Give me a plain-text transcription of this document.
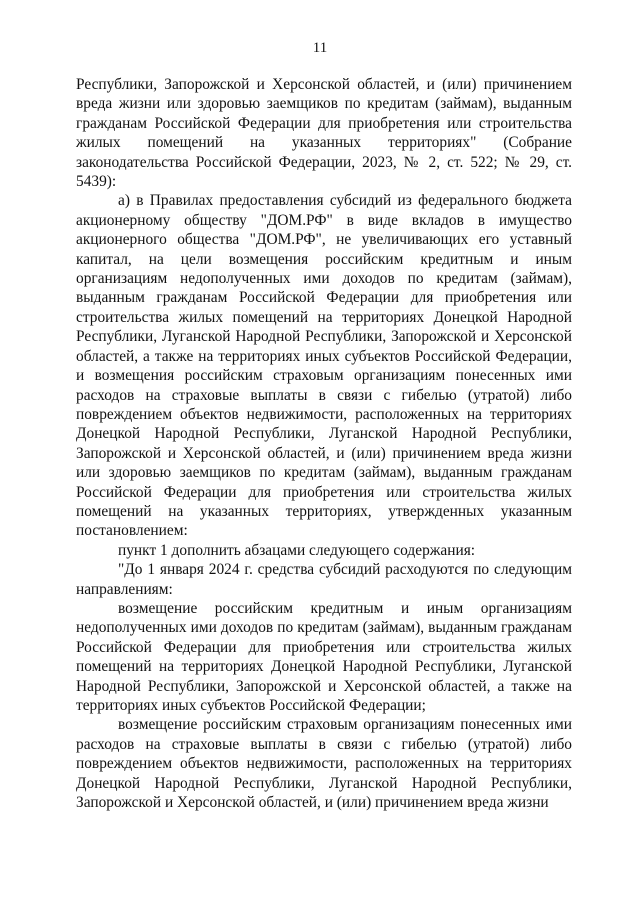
11

Республики, Запорожской и Херсонской областей, и (или) причинением вреда жизни или здоровью заемщиков по кредитам (займам), выданным гражданам Российской Федерации для приобретения или строительства жилых помещений на указанных территориях" (Собрание законодательства Российской Федерации, 2023, № 2, ст. 522; № 29, ст. 5439):

а) в Правилах предоставления субсидий из федерального бюджета акционерному обществу "ДОМ.РФ" в виде вкладов в имущество акционерного общества "ДОМ.РФ", не увеличивающих его уставный капитал, на цели возмещения российским кредитным и иным организациям недополученных ими доходов по кредитам (займам), выданным гражданам Российской Федерации для приобретения или строительства жилых помещений на территориях Донецкой Народной Республики, Луганской Народной Республики, Запорожской и Херсонской областей, а также на территориях иных субъектов Российской Федерации, и возмещения российским страховым организациям понесенных ими расходов на страховые выплаты в связи с гибелью (утратой) либо повреждением объектов недвижимости, расположенных на территориях Донецкой Народной Республики, Луганской Народной Республики, Запорожской и Херсонской областей, и (или) причинением вреда жизни или здоровью заемщиков по кредитам (займам), выданным гражданам Российской Федерации для приобретения или строительства жилых помещений на указанных территориях, утвержденных указанным постановлением:

пункт 1 дополнить абзацами следующего содержания:

"До 1 января 2024 г. средства субсидий расходуются по следующим направлениям:

возмещение российским кредитным и иным организациям недополученных ими доходов по кредитам (займам), выданным гражданам Российской Федерации для приобретения или строительства жилых помещений на территориях Донецкой Народной Республики, Луганской Народной Республики, Запорожской и Херсонской областей, а также на территориях иных субъектов Российской Федерации;

возмещение российским страховым организациям понесенных ими расходов на страховые выплаты в связи с гибелью (утратой) либо повреждением объектов недвижимости, расположенных на территориях Донецкой Народной Республики, Луганской Народной Республики, Запорожской и Херсонской областей, и (или) причинением вреда жизни
